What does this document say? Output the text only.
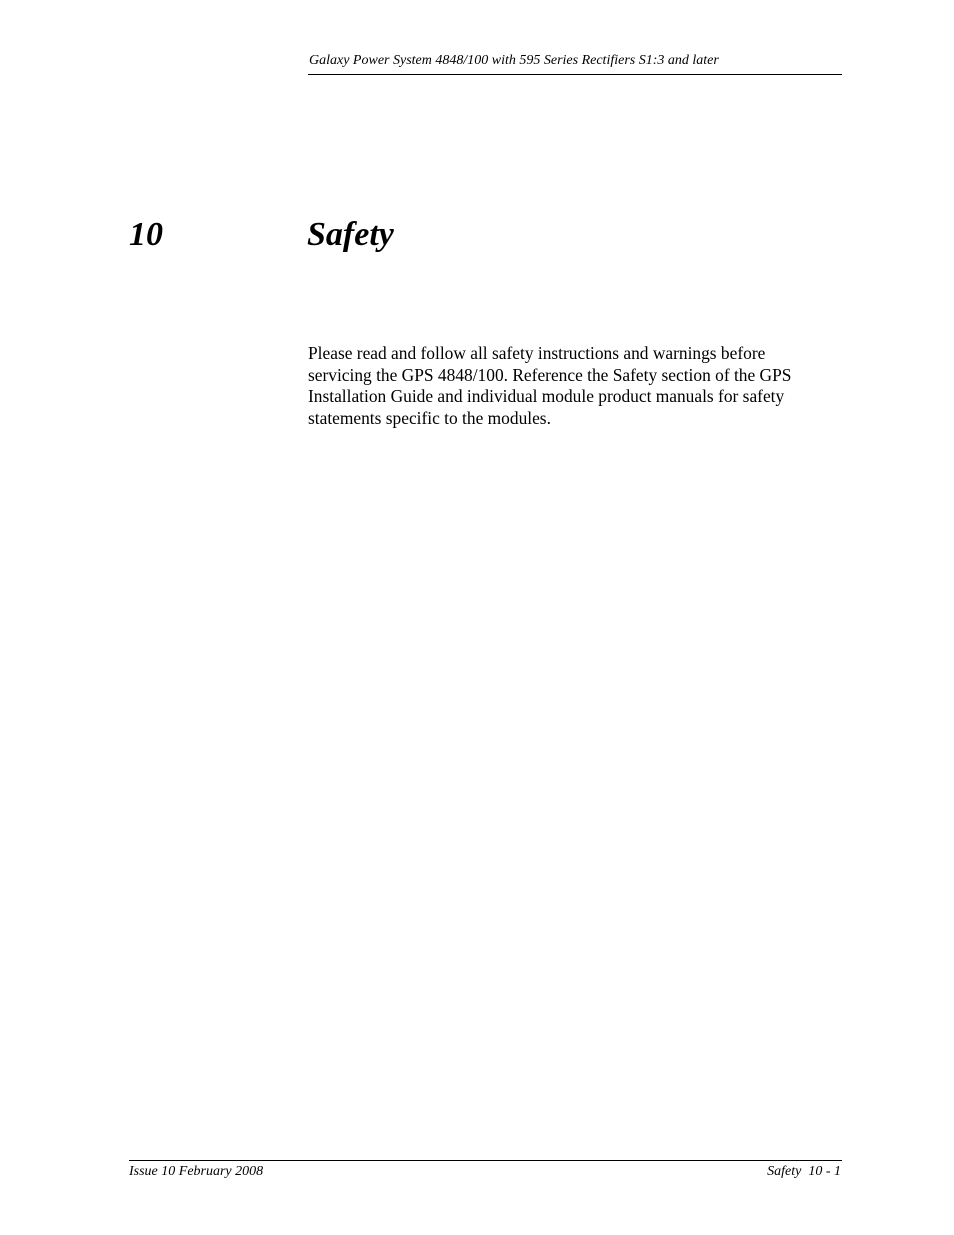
Galaxy Power System 4848/100 with 595 Series Rectifiers S1:3 and later
10	Safety
Please read and follow all safety instructions and warnings before
servicing the GPS 4848/100. Reference the Safety section of the GPS
Installation Guide and individual module product manuals for safety
statements specific to the modules.
Issue 10 February 2008	Safety  10 - 1
